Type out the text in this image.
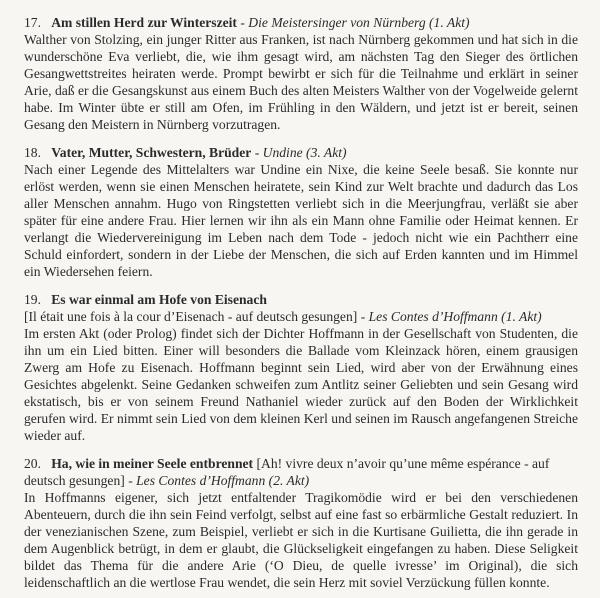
17. Am stillen Herd zur Winterszeit - Die Meistersinger von Nürnberg (1. Akt)

Walther von Stolzing, ein junger Ritter aus Franken, ist nach Nürnberg gekommen und hat sich in die wunderschöne Eva verliebt, die, wie ihm gesagt wird, am nächsten Tag den Sieger des örtlichen Gesangwettstreites heiraten werde. Prompt bewirbt er sich für die Teilnahme und erklärt in seiner Arie, daß er die Gesangskunst aus einem Buch des alten Meisters Walther von der Vogelweide gelernt habe. Im Winter übte er still am Ofen, im Frühling in den Wäldern, und jetzt ist er bereit, seinen Gesang den Meistern in Nürnberg vorzutragen.

18. Vater, Mutter, Schwestern, Brüder - Undine (3. Akt)

Nach einer Legende des Mittelalters war Undine ein Nixe, die keine Seele besaß. Sie konnte nur erlöst werden, wenn sie einen Menschen heiratete, sein Kind zur Welt brachte und dadurch das Los aller Menschen annahm. Hugo von Ringstetten verliebt sich in die Meerjungfrau, verläßt sie aber später für eine andere Frau. Hier lernen wir ihn als ein Mann ohne Familie oder Heimat kennen. Er verlangt die Wiedervereinigung im Leben nach dem Tode - jedoch nicht wie ein Pachtherr eine Schuld einfordert, sondern in der Liebe der Menschen, die sich auf Erden kannten und im Himmel ein Wiedersehen feiern.

19. Es war einmal am Hofe von Eisenach

[Il était une fois à la cour d’Eisenach - auf deutsch gesungen] - Les Contes d’Hoffmann (1. Akt)

Im ersten Akt (oder Prolog) findet sich der Dichter Hoffmann in der Gesellschaft von Studenten, die ihn um ein Lied bitten. Einer will besonders die Ballade vom Kleinzack hören, einem grausigen Zwerg am Hofe zu Eisenach. Hoffmann beginnt sein Lied, wird aber von der Erwähnung eines Gesichtes abgelenkt. Seine Gedanken schweifen zum Antlitz seiner Geliebten und sein Gesang wird ekstatisch, bis er von seinem Freund Nathaniel wieder zurück auf den Boden der Wirklichkeit gerufen wird. Er nimmt sein Lied von dem kleinen Kerl und seinen im Rausch angefangenen Streiche wieder auf.

20. Ha, wie in meiner Seele entbrennet [Ah! vivre deux n’avoir qu’une même espérance - auf deutsch gesungen] - Les Contes d’Hoffmann (2. Akt)

In Hoffmanns eigener, sich jetzt entfaltender Tragikomödie wird er bei den verschiedenen Abenteuern, durch die ihn sein Feind verfolgt, selbst auf eine fast so erbärmliche Gestalt reduziert. In der venezianischen Szene, zum Beispiel, verliebt er sich in die Kurtisane Guilietta, die ihn gerade in dem Augenblick betrügt, in dem er glaubt, die Glückseligkeit eingefangen zu haben. Diese Seligkeit bildet das Thema für die andere Arie (‘O Dieu, de quelle ivresse’ im Original), die sich leidenschaftlich an die wertlose Frau wendet, die sein Herz mit soviel Verzückung füllen konnte.
